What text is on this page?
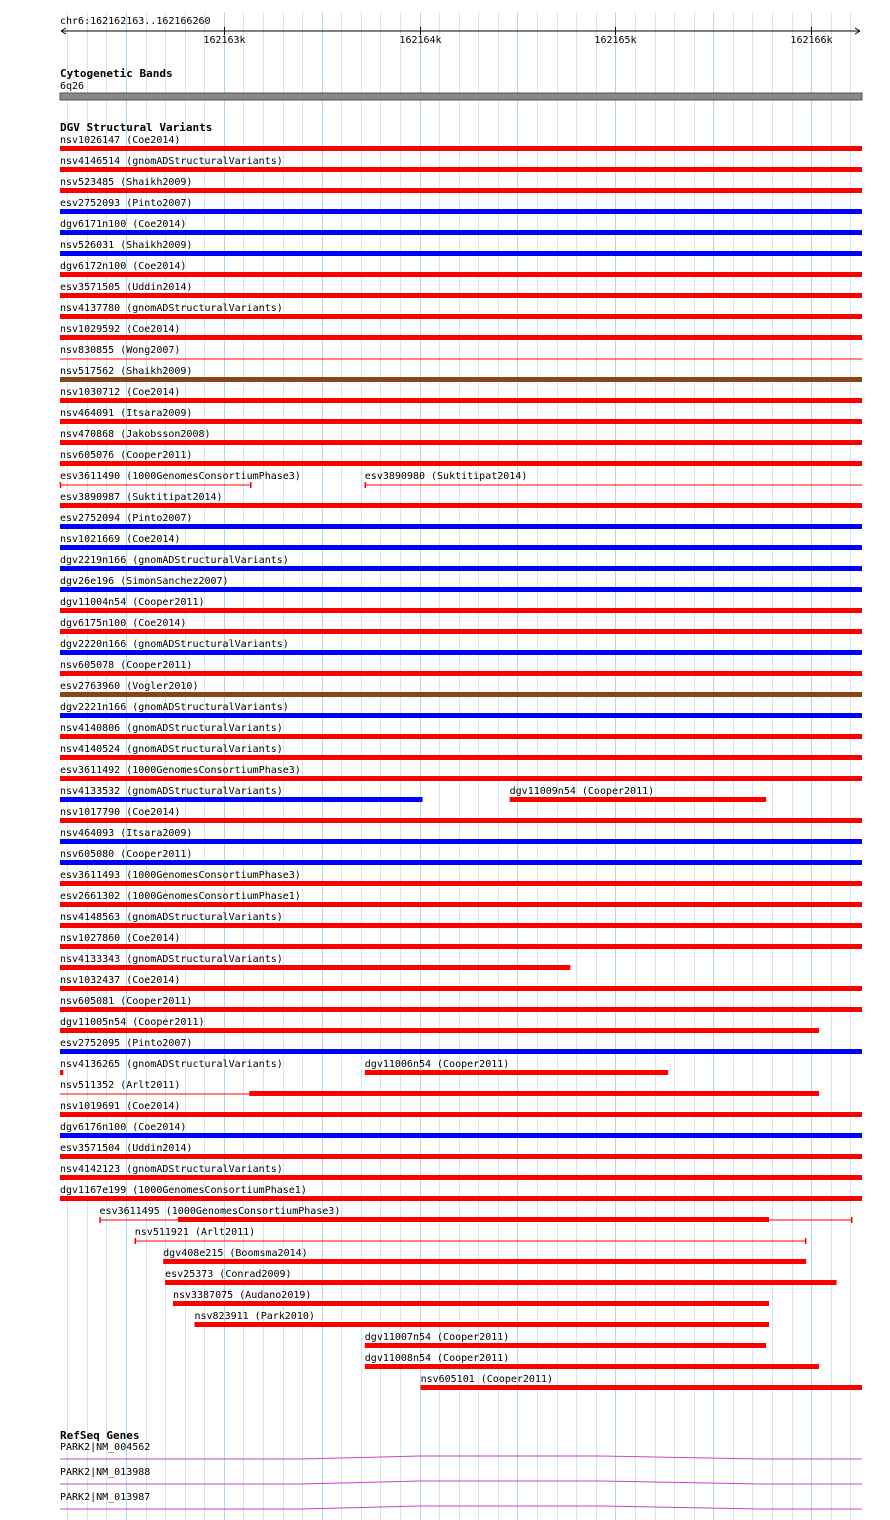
chr6:162162163..162166260
162163k	162164k	162165k	162166k
Cytogenetic Bands
6q26
DGV Structural Variants
nsv1026147 (Coe2014)
nsv4146514 (gnomADStructuralVariants)
nsv523485 (Shaikh2009)
esv2752093 (Pinto2007)
dgv6171n100 (Coe2014)
nsv526031 (Shaikh2009)
dgv6172n100 (Coe2014)
esv3571505 (Uddin2014)
nsv4137780 (gnomADStructuralVariants)
nsv1029592 (Coe2014)
nsv830855 (Wong2007)
nsv517562 (Shaikh2009)
nsv1030712 (Coe2014)
nsv464091 (Itsara2009)
nsv470868 (Jakobsson2008)
nsv605076 (Cooper2011)
esv3611490 (1000GenomesConsortiumPhase3)	esv3890980 (Suktitipat2014)
esv3890987 (Suktitipat2014)
esv2752094 (Pinto2007)
nsv1021669 (Coe2014)
dgv2219n166 (gnomADStructuralVariants)
dgv26e196 (SimonSanchez2007)
dgv11004n54 (Cooper2011)
dgv6175n100 (Coe2014)
dgv2220n166 (gnomADStructuralVariants)
nsv605078 (Cooper2011)
esv2763960 (Vogler2010)
dgv2221n166 (gnomADStructuralVariants)
nsv4140806 (gnomADStructuralVariants)
nsv4140524 (gnomADStructuralVariants)
esv3611492 (1000GenomesConsortiumPhase3)
nsv4133532 (gnomADStructuralVariants)	dgv11009n54 (Cooper2011)
nsv1017790 (Coe2014)
nsv464093 (Itsara2009)
nsv605080 (Cooper2011)
esv3611493 (1000GenomesConsortiumPhase3)
esv2661302 (1000GenomesConsortiumPhase1)
nsv4148563 (gnomADStructuralVariants)
nsv1027860 (Coe2014)
nsv4133343 (gnomADStructuralVariants)
nsv1032437 (Coe2014)
nsv605081 (Cooper2011)
dgv11005n54 (Cooper2011)
esv2752095 (Pinto2007)
nsv4136265 (gnomADStructuralVariants)	dgv11006n54 (Cooper2011)
nsv511352 (Arlt2011)
nsv1019691 (Coe2014)
dgv6176n100 (Coe2014)
esv3571504 (Uddin2014)
nsv4142123 (gnomADStructuralVariants)
dgv1167e199 (1000GenomesConsortiumPhase1)
esv3611495 (1000GenomesConsortiumPhase3)
nsv511921 (Arlt2011)
dgv408e215 (Boomsma2014)
esv25373 (Conrad2009)
nsv3387075 (Audano2019)
nsv823911 (Park2010)
dgv11007n54 (Cooper2011)
dgv11008n54 (Cooper2011)
nsv605101 (Cooper2011)
RefSeq Genes
PARK2|NM_004562
PARK2|NM_013988
PARK2|NM_013987
